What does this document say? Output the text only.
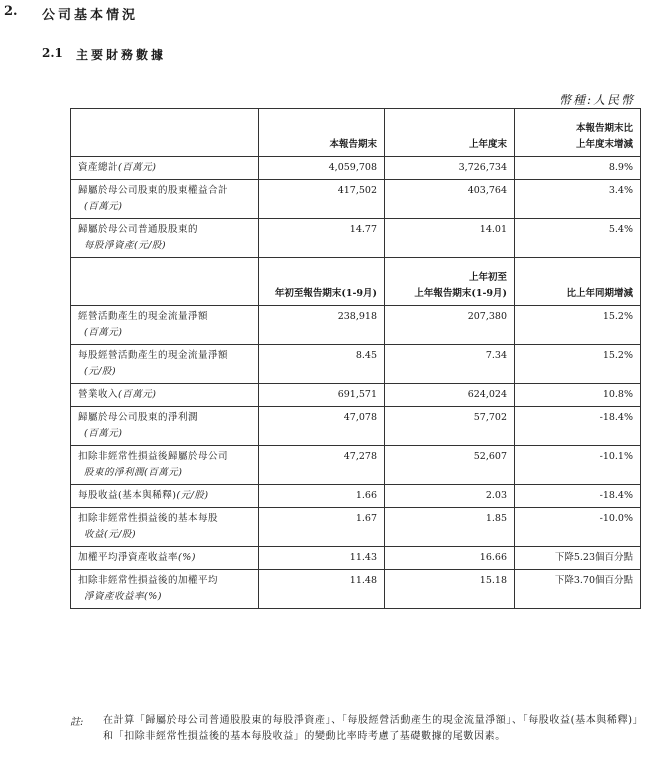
2. 公司基本情況
2.1 主要財務數據
幣種:人民幣
	本報告期末	上年度末	本報告期末比
上年度末增減
資產總計(百萬元)	4,059,708	3,726,734	8.9%
歸屬於母公司股東的股東權益合計
(百萬元)	417,502	403,764	3.4%
歸屬於母公司普通股股東的
每股淨資產(元/股)	14.77	14.01	5.4%
	年初至報告期末(1-9月)	上年初至
上年報告期末(1-9月)	比上年同期增減
經營活動產生的現金流量淨額
(百萬元)	238,918	207,380	15.2%
每股經營活動產生的現金流量淨額
(元/股)	8.45	7.34	15.2%
營業收入(百萬元)	691,571	624,024	10.8%
歸屬於母公司股東的淨利潤
(百萬元)	47,078	57,702	-18.4%
扣除非經常性損益後歸屬於母公司
股東的淨利潤(百萬元)	47,278	52,607	-10.1%
每股收益(基本與稀釋)(元/股)	1.66	2.03	-18.4%
扣除非經常性損益後的基本每股
收益(元/股)	1.67	1.85	-10.0%
加權平均淨資產收益率(%)	11.43	16.66	下降5.23個百分點
扣除非經常性損益後的加權平均
淨資產收益率(%)	11.48	15.18	下降3.70個百分點
註: 在計算「歸屬於母公司普通股股東的每股淨資產」、「每股經營活動產生的現金流量淨額」、「每股收益(基本與稀釋)」和「扣除非經常性損益後的基本每股收益」的變動比率時考慮了基礎數據的尾數因素。
